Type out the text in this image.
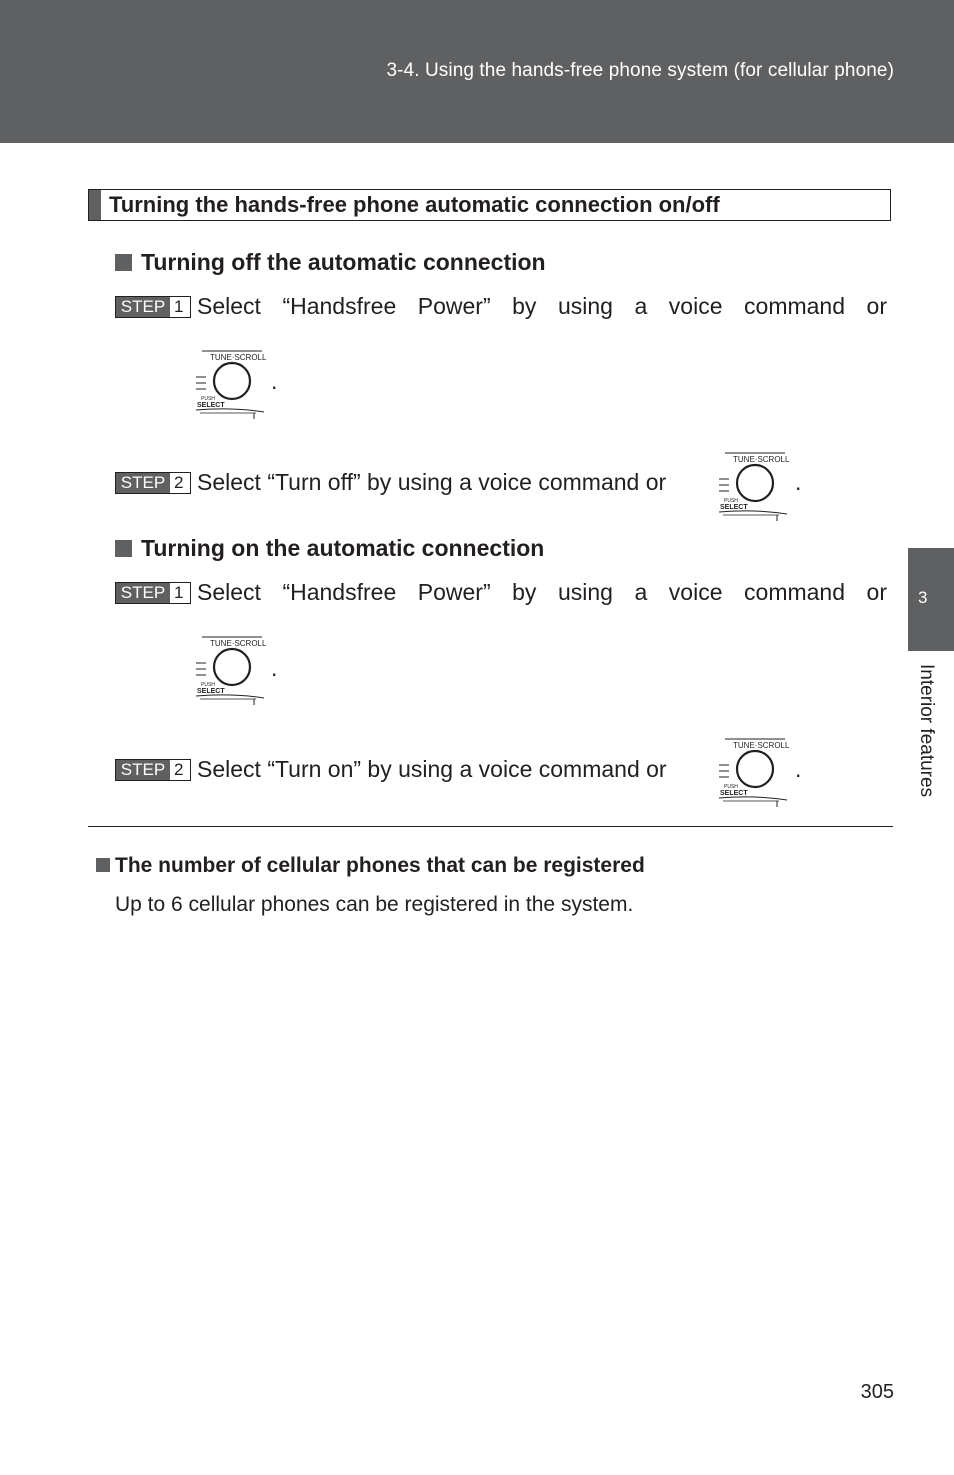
3-4. Using the hands-free phone system (for cellular phone)
Turning the hands-free phone automatic connection on/off
Turning off the automatic connection
STEP 1 Select “Handsfree Power” by using a voice command or
.
STEP 2 Select “Turn off” by using a voice command or	.
Turning on the automatic connection
STEP 1 Select “Handsfree Power” by using a voice command or
.
STEP 2 Select “Turn on” by using a voice command or	.
The number of cellular phones that can be registered
Up to 6 cellular phones can be registered in the system.
3
Interior features
305
